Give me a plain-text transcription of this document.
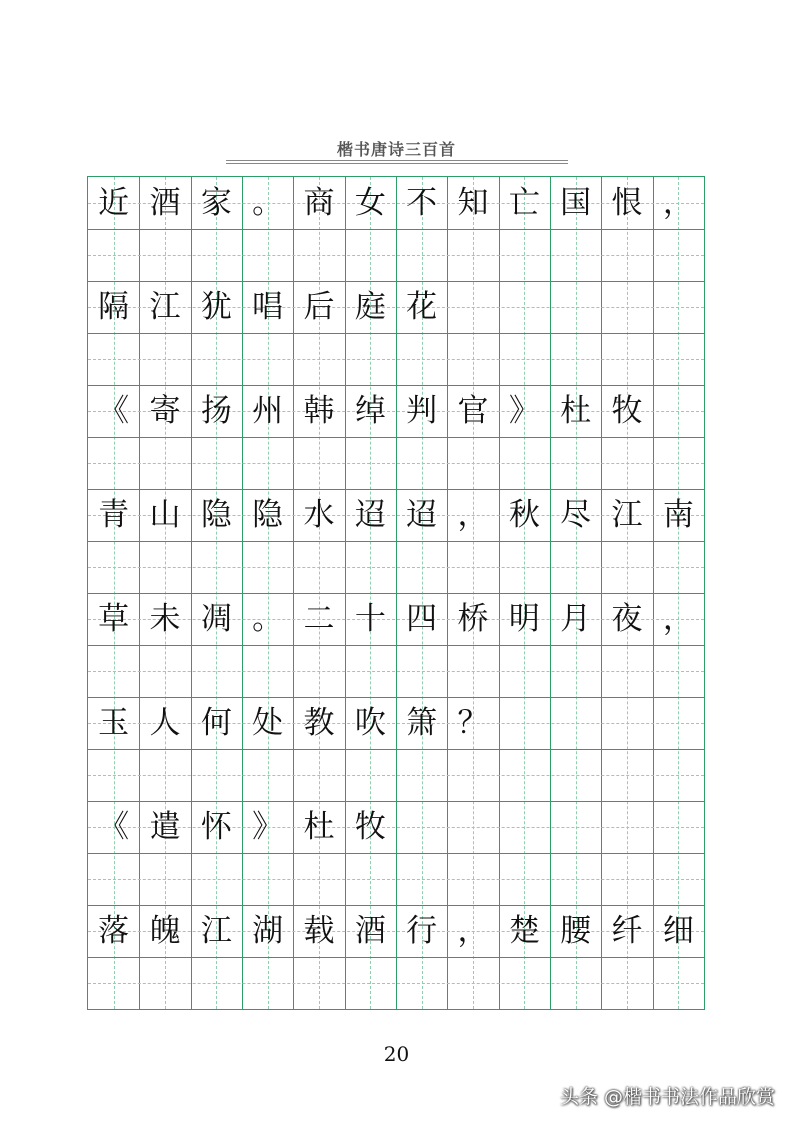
楷书唐诗三百首
近 酒 家 。 商 女 不 知 亡 国 恨 ，
隔 江 犹 唱 后 庭 花
《 寄 扬 州 韩 绰 判 官 》 杜 牧
青 山 隐 隐 水 迢 迢 ， 秋 尽 江 南
草 未 凋 。 二 十 四 桥 明 月 夜 ，
玉 人 何 处 教 吹 箫 ？
《 遣 怀 》 杜 牧
落 魄 江 湖 载 酒 行 ， 楚 腰 纤 细
20
头条 @楷书书法作品欣赏
